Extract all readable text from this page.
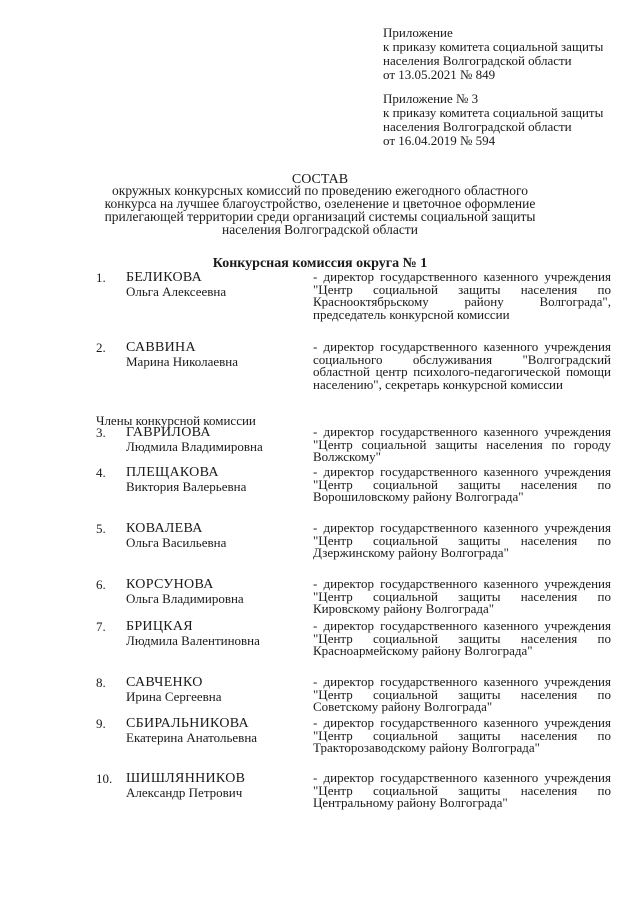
Приложение
к приказу комитета социальной защиты
населения Волгоградской области
от 13.05.2021 № 849
Приложение № 3
к приказу комитета социальной защиты
населения Волгоградской области
от 16.04.2019 № 594
СОСТАВ
окружных конкурсных комиссий по проведению ежегодного областного конкурса на лучшее благоустройство, озеленение и цветочное оформление прилегающей территории среди организаций системы социальной защиты населения Волгоградской области
Конкурсная комиссия округа № 1
Члены конкурсной комиссии
1. БЕЛИКОВА
Ольга Алексеевна
- директор государственного казенного учреждения "Центр социальной защиты населения по Краснооктябрьскому району Волгограда", председатель конкурсной комиссии
2. САВВИНА
Марина Николаевна
- директор государственного казенного учреждения социального обслуживания "Волгоградский областной центр психолого-педагогической помощи населению", секретарь конкурсной комиссии
3. ГАВРИЛОВА
Людмила Владимировна
- директор государственного казенного учреждения "Центр социальной защиты населения по городу Волжскому"
4. ПЛЕЩАКОВА
Виктория Валерьевна
- директор государственного казенного учреждения "Центр социальной защиты населения по Ворошиловскому району Волгограда"
5. КОВАЛЕВА
Ольга Васильевна
- директор государственного казенного учреждения "Центр социальной защиты населения по Дзержинскому району Волгограда"
6. КОРСУНОВА
Ольга Владимировна
- директор государственного казенного учреждения "Центр социальной защиты населения по Кировскому району Волгограда"
7. БРИЦКАЯ
Людмила Валентиновна
- директор государственного казенного учреждения "Центр социальной защиты населения по Красноармейскому району Волгограда"
8. САВЧЕНКО
Ирина Сергеевна
- директор государственного казенного учреждения "Центр социальной защиты населения по Советскому району Волгограда"
9. СБИРАЛЬНИКОВА
Екатерина Анатольевна
- директор государственного казенного учреждения "Центр социальной защиты населения по Тракторозаводскому району Волгограда"
10. ШИШЛЯННИКОВ
Александр Петрович
- директор государственного казенного учреждения "Центр социальной защиты населения по Центральному району Волгограда"
